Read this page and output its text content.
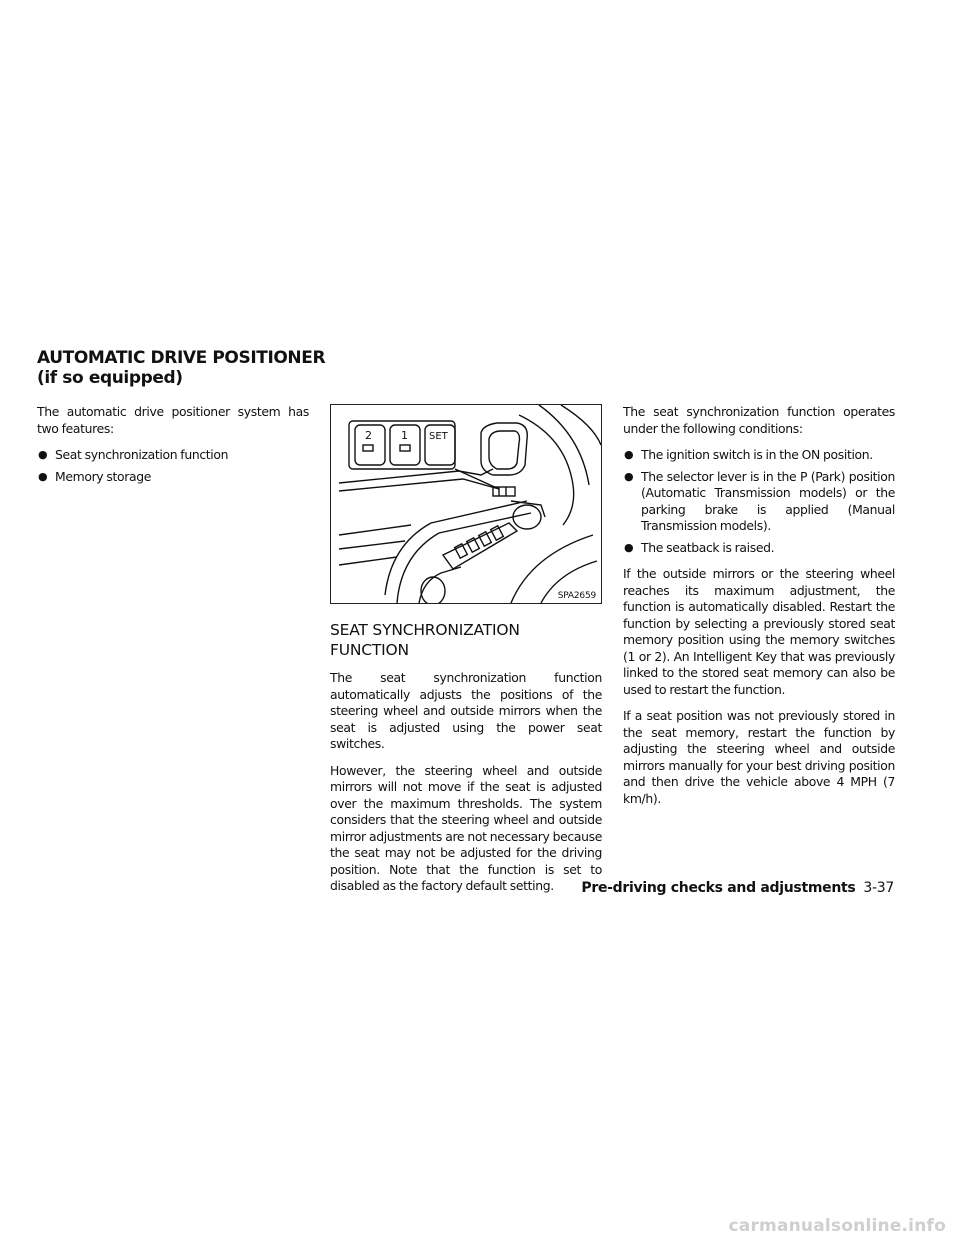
AUTOMATIC DRIVE POSITIONER (if so equipped)

The automatic drive positioner system has two features:

● Seat synchronization function
● Memory storage
2	1 SET
SPA2659
SEAT SYNCHRONIZATION FUNCTION

The seat synchronization function automatically adjusts the positions of the steering wheel and outside mirrors when the seat is adjusted using the power seat switches.

However, the steering wheel and outside mirrors will not move if the seat is adjusted over the maximum thresholds. The system considers that the steering wheel and outside mirror adjustments are not necessary because the seat may not be adjusted for the driving position. Note that the function is set to disabled as the factory default setting.

The seat synchronization function operates under the following conditions:

● The ignition switch is in the ON position.
● The selector lever is in the P (Park) position (Automatic Transmission models) or the parking brake is applied (Manual Transmission models).
● The seatback is raised.

If the outside mirrors or the steering wheel reaches its maximum adjustment, the function is automatically disabled. Restart the function by selecting a previously stored seat memory position using the memory switches (1 or 2). An Intelligent Key that was previously linked to the stored seat memory can also be used to restart the function.

If a seat position was not previously stored in the seat memory, restart the function by adjusting the steering wheel and outside mirrors manually for your best driving position and then drive the vehicle above 4 MPH (7 km/h).

Pre-driving checks and adjustments 3-37
carmanualsonline.info
